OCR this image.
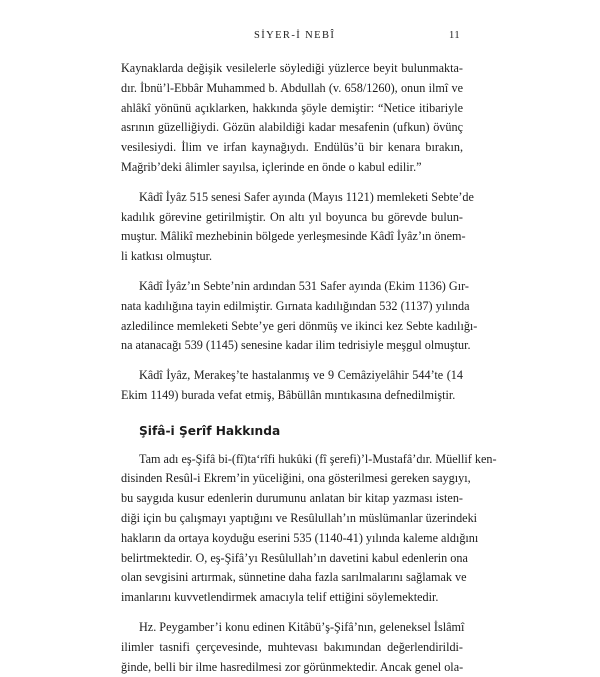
SİYER-İ NEBÎ	11

Kaynaklarda değişik vesilelerle söylediği yüzlerce beyit bulunmakta-
dır. İbnü’l-Ebbâr Muhammed b. Abdullah (v. 658/1260), onun ilmî ve
ahlâkî yönünü açıklarken, hakkında şöyle demiştir: “Netice itibariyle
asrının güzelliğiydi. Gözün alabildiği kadar mesafenin (ufkun) övünç
vesilesiydi. İlim ve irfan kaynağıydı. Endülüs’ü bir kenara bırakın,
Mağrib’deki âlimler sayılsa, içlerinde en önde o kabul edilir.”

Kâdî İyâz 515 senesi Safer ayında (Mayıs 1121) memleketi Sebte’de
kadılık görevine getirilmiştir. On altı yıl boyunca bu görevde bulun-
muştur. Mâlikî mezhebinin bölgede yerleşmesinde Kâdî İyâz’ın önem-
li katkısı olmuştur.

Kâdî İyâz’ın Sebte’nin ardından 531 Safer ayında (Ekim 1136) Gır-
nata kadılığına tayin edilmiştir. Gırnata kadılığından 532 (1137) yılında
azledilince memleketi Sebte’ye geri dönmüş ve ikinci kez Sebte kadılığı-
na atanacağı 539 (1145) senesine kadar ilim tedrisiyle meşgul olmuştur.

Kâdî İyâz, Merakeş’te hastalanmış ve 9 Cemâziyelâhir 544’te (14
Ekim 1149) burada vefat etmiş, Bâbüllân mıntıkasına defnedilmiştir.

Şifâ-i Şerîf Hakkında

Tam adı eş-Şifâ bi-(fî)ta‘rîfi hukûki (fî şerefi)’l-Mustafâ’dır. Müellif ken-
disinden Resûl-i Ekrem’in yüceliğini, ona gösterilmesi gereken saygıyı,
bu saygıda kusur edenlerin durumunu anlatan bir kitap yazması isten-
diği için bu çalışmayı yaptığını ve Resûlullah’ın müslümanlar üzerindeki
hakların da ortaya koyduğu eserini 535 (1140-41) yılında kaleme aldığını
belirtmektedir. O, eş-Şifâ’yı Resûlullah’ın davetini kabul edenlerin ona
olan sevgisini artırmak, sünnetine daha fazla sarılmalarını sağlamak ve
imanlarını kuvvetlendirmek amacıyla telif ettiğini söylemektedir.

Hz. Peygamber’i konu edinen Kitâbü’ş-Şifâ’nın, geleneksel İslâmî
ilimler tasnifi çerçevesinde, muhtevası bakımından değerlendirildi-
ğinde, belli bir ilme hasredilmesi zor görünmektedir. Ancak genel ola-
